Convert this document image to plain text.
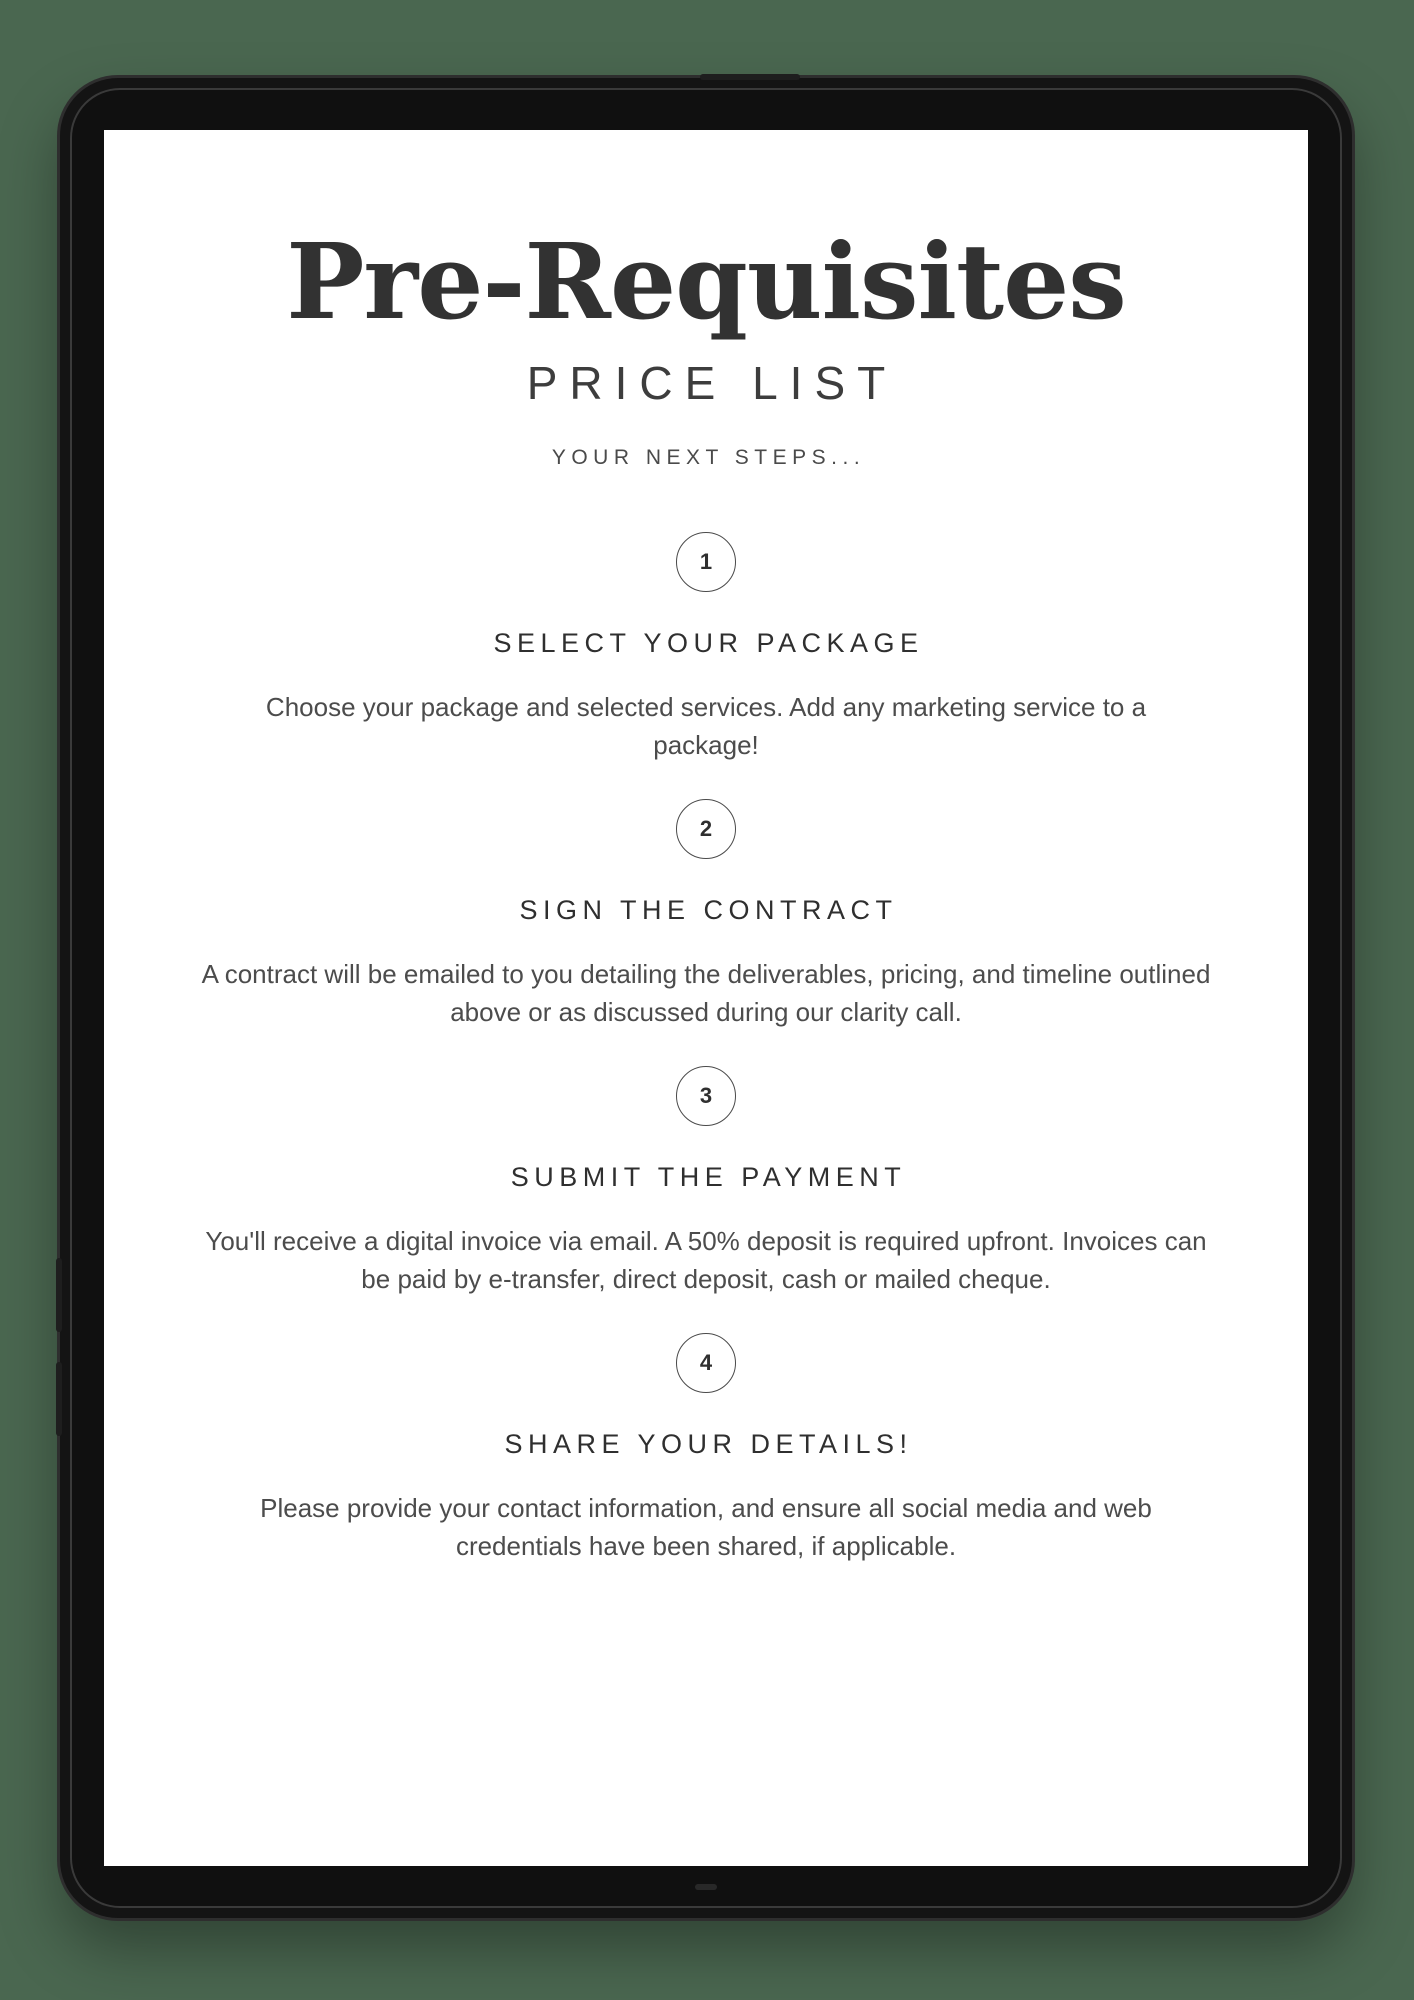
Pre-Requisites
PRICE LIST
YOUR NEXT STEPS...
1
SELECT YOUR PACKAGE
Choose your package and selected services. Add any marketing service to a package!
2
SIGN THE CONTRACT
A contract will be emailed to you detailing the deliverables, pricing, and timeline outlined above or as discussed during our clarity call.
3
SUBMIT THE PAYMENT
You'll receive a digital invoice via email. A 50% deposit is required upfront. Invoices can be paid by e-transfer, direct deposit, cash or mailed cheque.
4
SHARE YOUR DETAILS!
Please provide your contact information, and ensure all social media and web credentials have been shared, if applicable.
